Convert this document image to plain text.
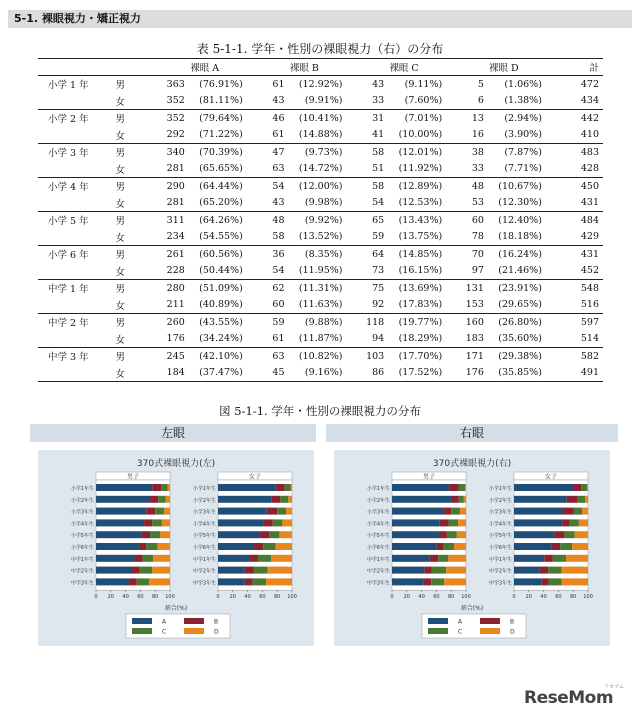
5-1. 裸眼視力・矯正視力
表 5-1-1. 学年・性別の裸眼視力（右）の分布
		裸眼 A	裸眼 B	裸眼 C	裸眼 D	計
小学 1 年	男	363 (76.91%)	61 (12.92%)	43 (9.11%)	5 (1.06%)	472
	女	352 (81.11%)	43 (9.91%)	33 (7.60%)	6 (1.38%)	434
小学 2 年	男	352 (79.64%)	46 (10.41%)	31 (7.01%)	13 (2.94%)	442
	女	292 (71.22%)	61 (14.88%)	41 (10.00%)	16 (3.90%)	410
小学 3 年	男	340 (70.39%)	47 (9.73%)	58 (12.01%)	38 (7.87%)	483
	女	281 (65.65%)	63 (14.72%)	51 (11.92%)	33 (7.71%)	428
小学 4 年	男	290 (64.44%)	54 (12.00%)	58 (12.89%)	48 (10.67%)	450
	女	281 (65.20%)	43 (9.98%)	54 (12.53%)	53 (12.30%)	431
小学 5 年	男	311 (64.26%)	48 (9.92%)	65 (13.43%)	60 (12.40%)	484
	女	234 (54.55%)	58 (13.52%)	59 (13.75%)	78 (18.18%)	429
小学 6 年	男	261 (60.56%)	36 (8.35%)	64 (14.85%)	70 (16.24%)	431
	女	228 (50.44%)	54 (11.95%)	73 (16.15%)	97 (21.46%)	452
中学 1 年	男	280 (51.09%)	62 (11.31%)	75 (13.69%)	131 (23.91%)	548
	女	211 (40.89%)	60 (11.63%)	92 (17.83%)	153 (29.65%)	516
中学 2 年	男	260 (43.55%)	59 (9.88%)	118 (19.77%)	160 (26.80%)	597
	女	176 (34.24%)	61 (11.87%)	94 (18.29%)	183 (35.60%)	514
中学 3 年	男	245 (42.10%)	63 (10.82%)	103 (17.70%)	171 (29.38%)	582
	女	184 (37.47%)	45 (9.16%)	86 (17.52%)	176 (35.85%)	491
図 5-1-1. 学年・性別の裸眼視力の分布
左眼	右眼
370式裸眼視力(左)
男子
小学1年生
小学2年生
小学3年生
小学4年生
小学5年生
小学6年生
中学1年生
中学2年生
中学3年生
0 20 40 60 80 100
女子
小学1年生
小学2年生
小学3年生
小学4年生
小学5年生
小学6年生
中学1年生
中学2年生
中学3年生
0 20 40 60 80 100
割合(%)
A	B
C	D
370式裸眼視力(右)
男子
小学1年生
小学2年生
小学3年生
小学4年生
小学5年生
小学6年生
中学1年生
中学2年生
中学3年生
0 20 40 60 80 100
女子
小学1年生
小学2年生
小学3年生
小学4年生
小学5年生
小学6年生
中学1年生
中学2年生
中学3年生
0 20 40 60 80 100
割合(%)
A	B
C	D
ReseMom
リセマム
